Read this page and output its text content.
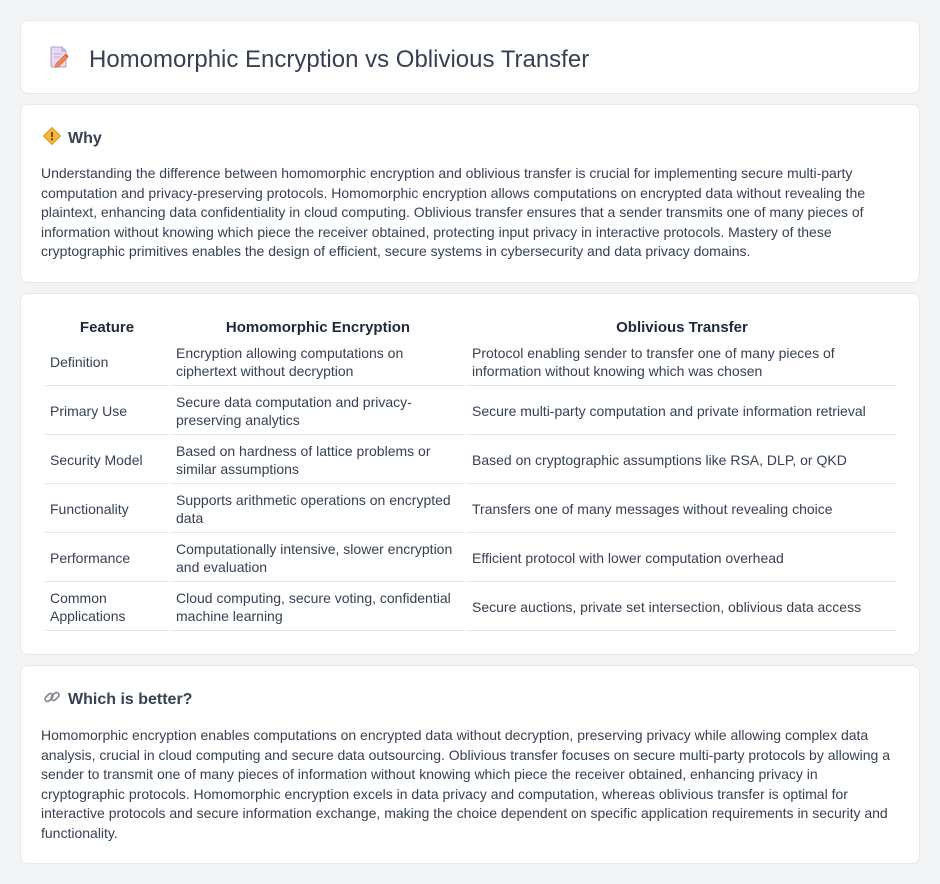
Homomorphic Encryption vs Oblivious Transfer
Why

Understanding the difference between homomorphic encryption and oblivious transfer is crucial for implementing secure multi-party computation and privacy-preserving protocols. Homomorphic encryption allows computations on encrypted data without revealing the plaintext, enhancing data confidentiality in cloud computing. Oblivious transfer ensures that a sender transmits one of many pieces of information without knowing which piece the receiver obtained, protecting input privacy in interactive protocols. Mastery of these cryptographic primitives enables the design of efficient, secure systems in cybersecurity and data privacy domains.

Feature	Homomorphic Encryption	Oblivious Transfer
Definition	Encryption allowing computations on ciphertext without decryption	Protocol enabling sender to transfer one of many pieces of information without knowing which was chosen
Primary Use	Secure data computation and privacy-preserving analytics	Secure multi-party computation and private information retrieval
Security Model	Based on hardness of lattice problems or similar assumptions	Based on cryptographic assumptions like RSA, DLP, or QKD
Functionality	Supports arithmetic operations on encrypted data	Transfers one of many messages without revealing choice
Performance	Computationally intensive, slower encryption and evaluation	Efficient protocol with lower computation overhead
Common Applications	Cloud computing, secure voting, confidential machine learning	Secure auctions, private set intersection, oblivious data access
Which is better?

Homomorphic encryption enables computations on encrypted data without decryption, preserving privacy while allowing complex data analysis, crucial in cloud computing and secure data outsourcing. Oblivious transfer focuses on secure multi-party protocols by allowing a sender to transmit one of many pieces of information without knowing which piece the receiver obtained, enhancing privacy in cryptographic protocols. Homomorphic encryption excels in data privacy and computation, whereas oblivious transfer is optimal for interactive protocols and secure information exchange, making the choice dependent on specific application requirements in security and functionality.
